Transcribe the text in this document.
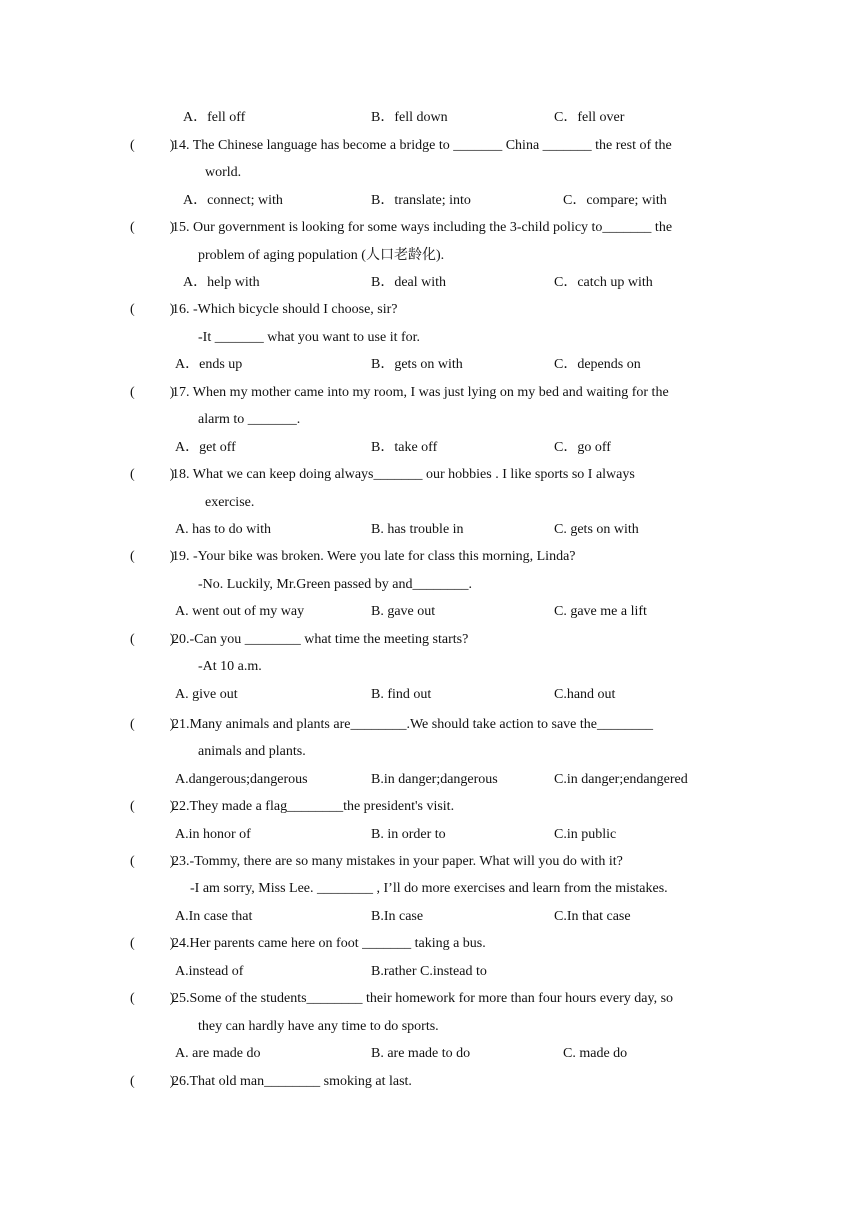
A．fell off	B．fell down	C．fell over
(          )
14. The Chinese language has become a bridge to _______ China _______ the rest of the
world.
A．connect; with	B．translate; into	C．compare; with
(          )
15. Our government is looking for some ways including the 3-child policy to_______ the
problem of aging population (人口老龄化).
A．help with	B．deal with	C．catch up with
(          )
16. -Which bicycle should I choose, sir?
-It _______ what you want to use it for.
A．ends up	B．gets on with	C．depends on
(          )
17. When my mother came into my room, I was just lying on my bed and waiting for the
alarm to _______.
A．get off	B．take off	C．go off
(          )
18. What we can keep doing always_______ our hobbies . I like sports so I always
exercise.
A. has to do with	B. has trouble in	C. gets on with
(          )
19. -Your bike was broken. Were you late for class this morning, Linda?
-No. Luckily, Mr.Green passed by and________.
A. went out of my way	B. gave out	C. gave me a lift
(          )
20.-Can you ________ what time the meeting starts?
-At 10 a.m.
A. give out	B. find out	C.hand out
(          )
21.Many animals and plants are________.We should take action to save the________
animals and plants.
A.dangerous;dangerous	B.in danger;dangerous	C.in danger;endangered
(          )
22.They made a flag________the president's visit.
A.in honor of	B. in order to	C.in public
(          )
23.-Tommy, there are so many mistakes in your paper. What will you do with it?
-I am sorry, Miss Lee. ________ , I’ll do more exercises and learn from the mistakes.
A.In case that	B.In case	C.In that case
(          )
24.Her parents came here on foot _______ taking a bus.
A.instead of	B.rather C.instead to
(          )
25.Some of the students________ their homework for more than four hours every day, so
they can hardly have any time to do sports.
A. are made do	B. are made to do	C. made do
(          )
26.That old man________ smoking at last.
